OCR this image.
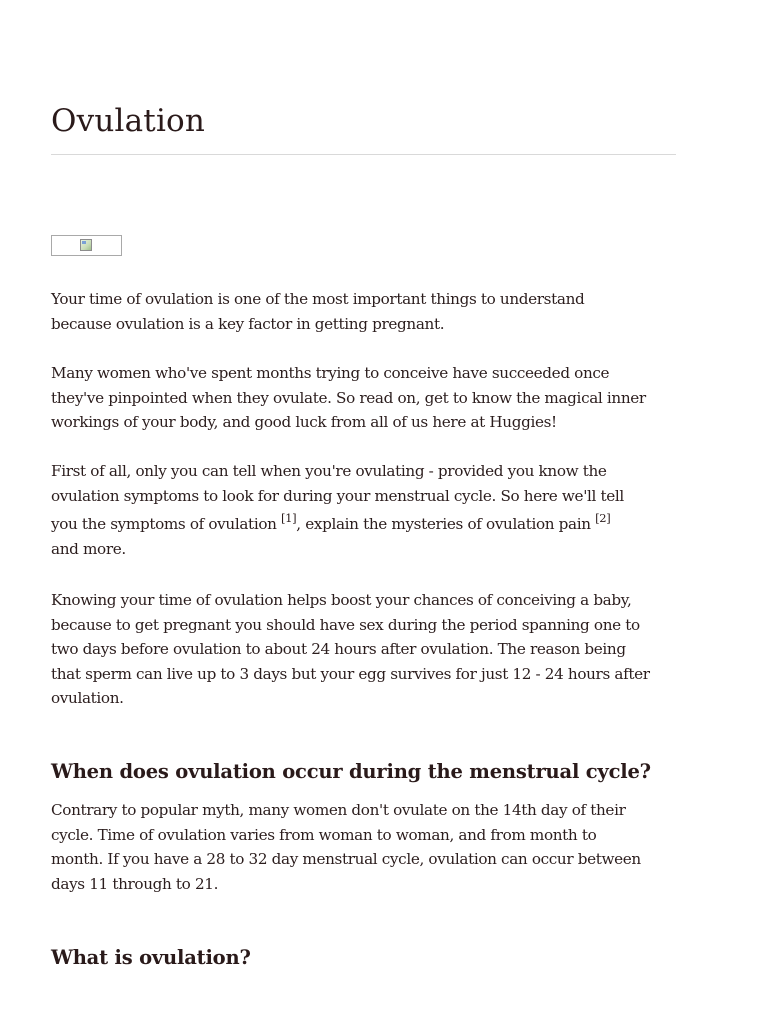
Ovulation

Your time of ovulation is one of the most important things to understand
because ovulation is a key factor in getting pregnant.

Many women who've spent months trying to conceive have succeeded once
they've pinpointed when they ovulate. So read on, get to know the magical inner
workings of your body, and good luck from all of us here at Huggies!

First of all, only you can tell when you're ovulating - provided you know the
ovulation symptoms to look for during your menstrual cycle. So here we'll tell
you the symptoms of ovulation [1], explain the mysteries of ovulation pain [2]
and more.

Knowing your time of ovulation helps boost your chances of conceiving a baby,
because to get pregnant you should have sex during the period spanning one to
two days before ovulation to about 24 hours after ovulation. The reason being
that sperm can live up to 3 days but your egg survives for just 12 - 24 hours after
ovulation.

When does ovulation occur during the menstrual cycle?

Contrary to popular myth, many women don't ovulate on the 14th day of their
cycle. Time of ovulation varies from woman to woman, and from month to
month. If you have a 28 to 32 day menstrual cycle, ovulation can occur between
days 11 through to 21.

What is ovulation?
